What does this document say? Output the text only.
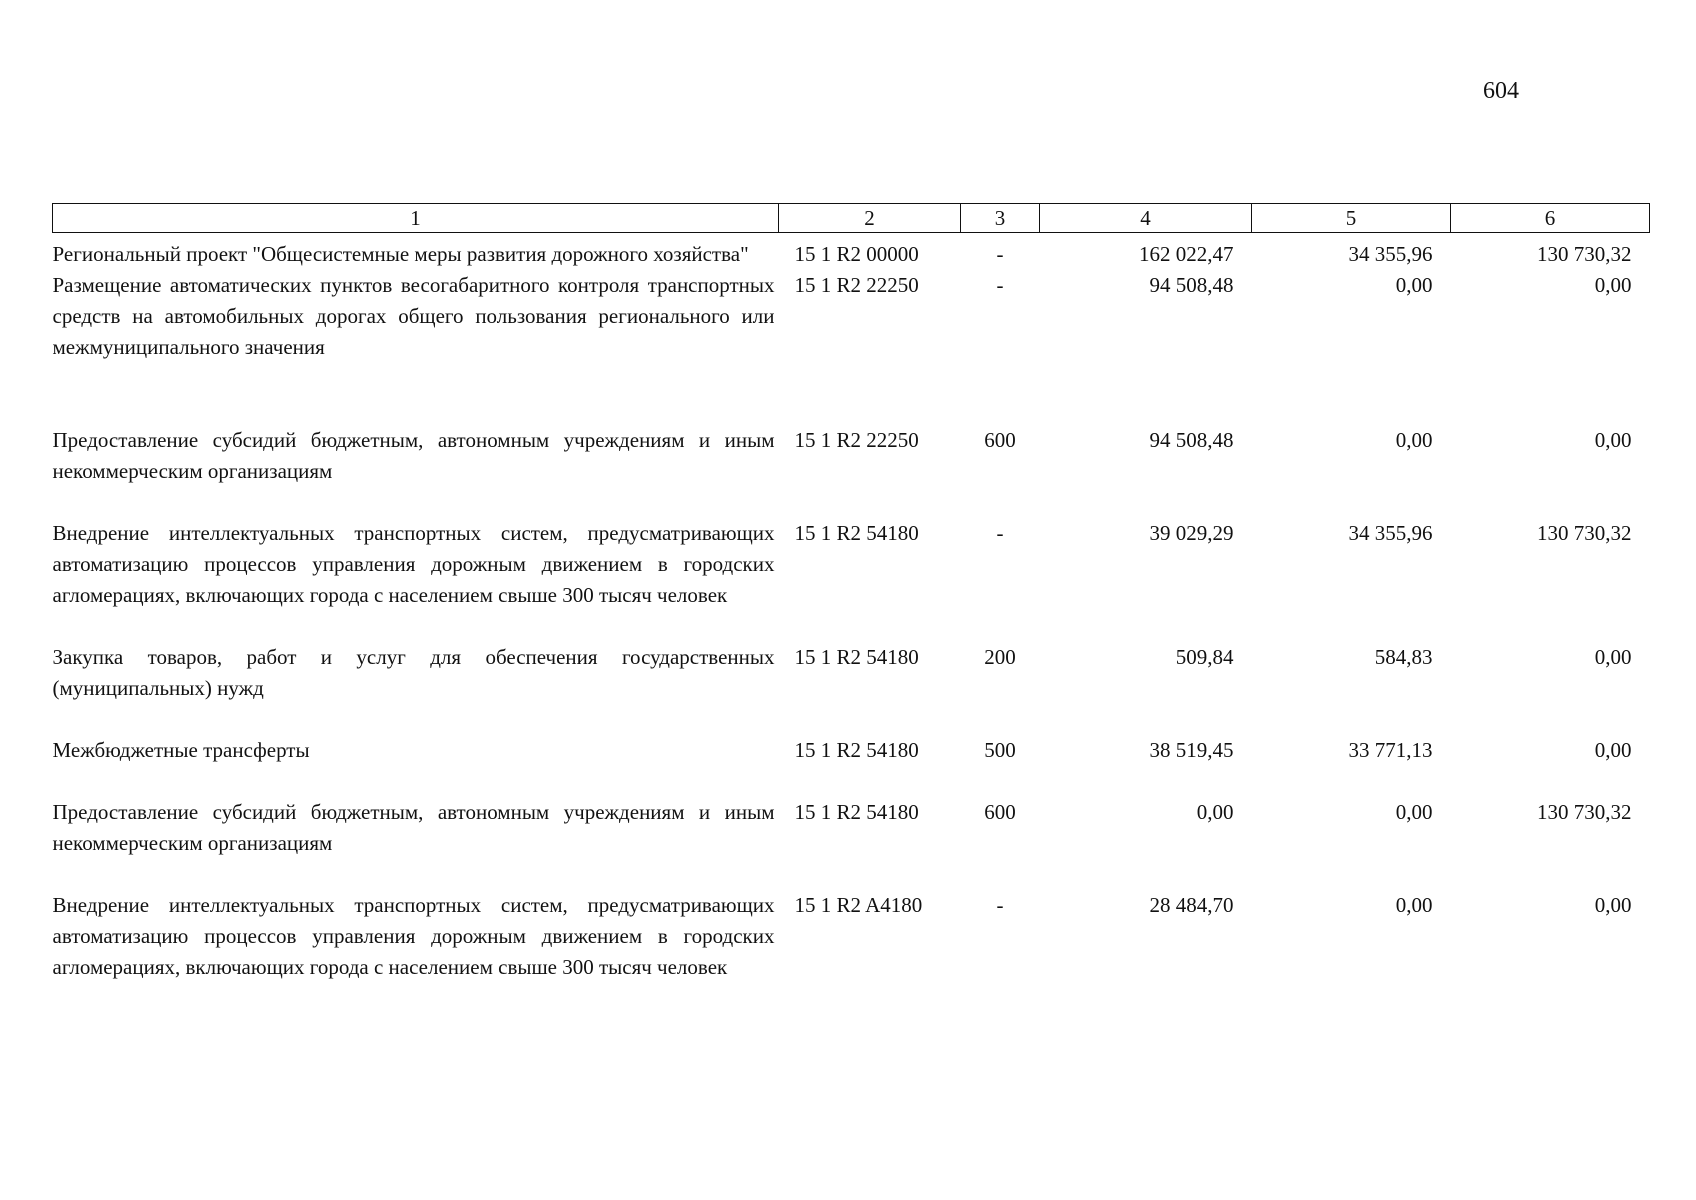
604
1	2	3	4	5	6
Региональный проект "Общесистемные меры развития дорожного хозяйства"	15 1 R2 00000	-	162 022,47	34 355,96	130 730,32
Размещение автоматических пунктов весогабаритного контроля транспортных средств на автомобильных дорогах общего пользования регионального или межмуниципального значения	15 1 R2 22250	-	94 508,48	0,00	0,00
Предоставление субсидий бюджетным, автономным учреждениям и иным некоммерческим организациям	15 1 R2 22250	600	94 508,48	0,00	0,00
Внедрение интеллектуальных транспортных систем, предусматривающих автоматизацию процессов управления дорожным движением в городских агломерациях, включающих города с населением свыше 300 тысяч человек	15 1 R2 54180	-	39 029,29	34 355,96	130 730,32
Закупка товаров, работ и услуг для обеспечения государственных (муниципальных) нужд	15 1 R2 54180	200	509,84	584,83	0,00
Межбюджетные трансферты	15 1 R2 54180	500	38 519,45	33 771,13	0,00
Предоставление субсидий бюджетным, автономным учреждениям и иным некоммерческим организациям	15 1 R2 54180	600	0,00	0,00	130 730,32
Внедрение интеллектуальных транспортных систем, предусматривающих автоматизацию процессов управления дорожным движением в городских агломерациях, включающих города с населением свыше 300 тысяч человек	15 1 R2 A4180	-	28 484,70	0,00	0,00
